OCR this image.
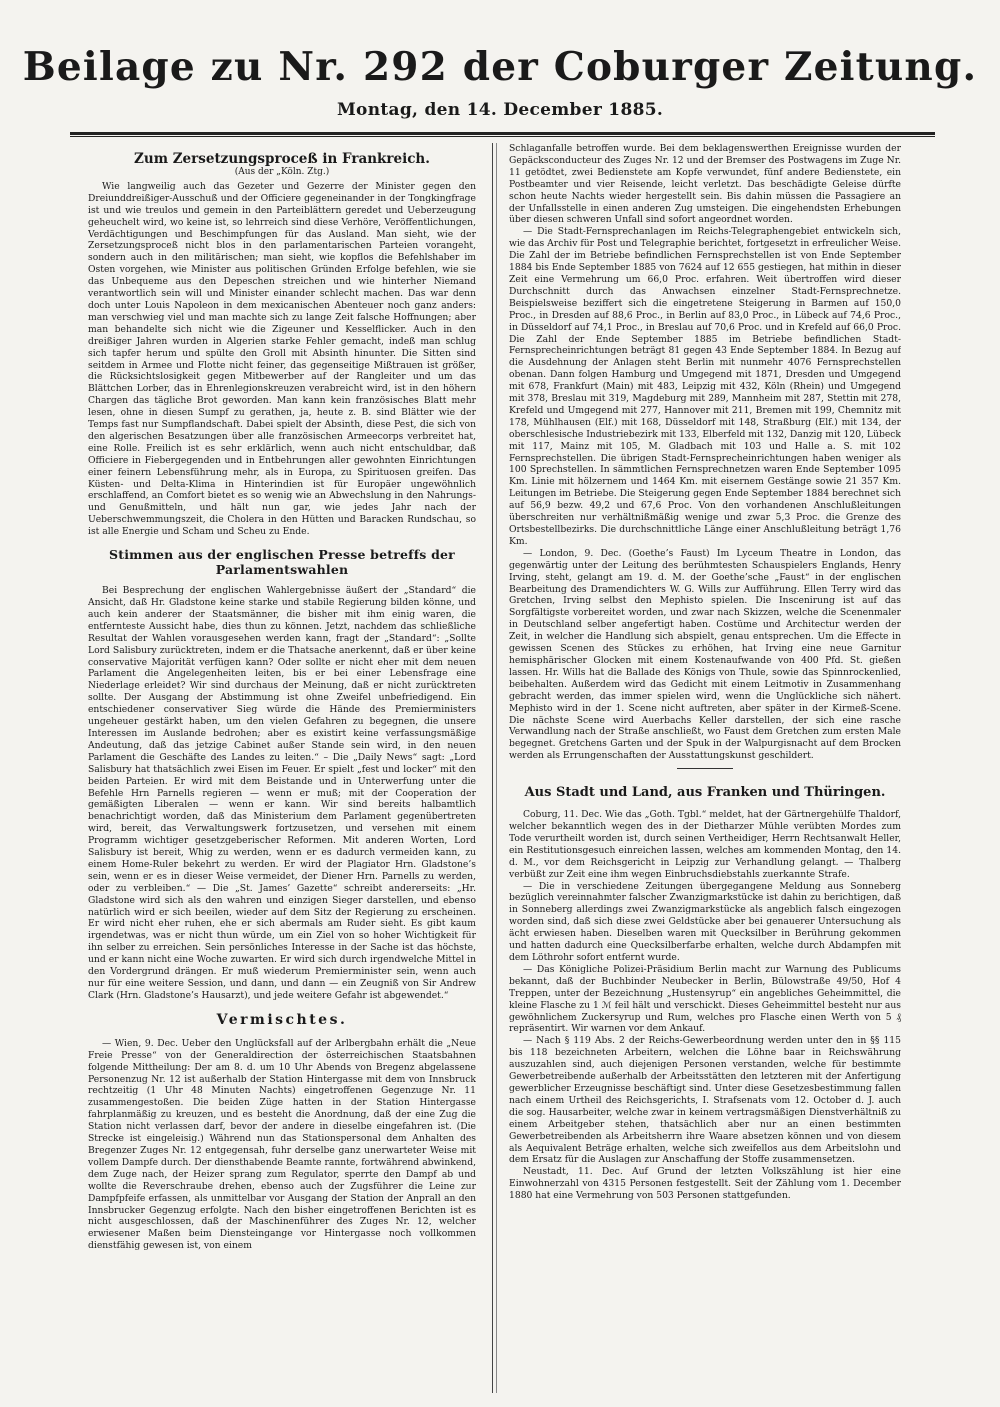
Beilage zu Nr. 292 der Coburger Zeitung.
Montag, den 14. December 1885.

Zum Zersetzungsproceß in Frankreich.

(Aus der „Köln. Ztg.)

Wie langweilig auch das Gezeter und Gezerre der Minister gegen den Dreiunddreißiger-Ausschuß und der Officiere gegeneinander in der Tongkingfrage ist und wie treulos und gemein in den Parteiblättern geredet und Ueberzeugung geheuchelt wird, wo keine ist, so lehrreich sind diese Verhöre, Veröffentlichungen, Verdächtigungen und Beschimpfungen für das Ausland. Man sieht, wie der Zersetzungsproceß nicht blos in den parlamentarischen Parteien vorangeht, sondern auch in den militärischen; man sieht, wie kopflos die Befehlshaber im Osten vorgehen, wie Minister aus politischen Gründen Erfolge befehlen, wie sie das Unbequeme aus den Depeschen streichen und wie hinterher Niemand verantwortlich sein will und Minister einander schlecht machen. Das war denn doch unter Louis Napoleon in dem mexicanischen Abenteuer noch ganz anders: man verschwieg viel und man machte sich zu lange Zeit falsche Hoffnungen; aber man behandelte sich nicht wie die Zigeuner und Kesselflicker. Auch in den dreißiger Jahren wurden in Algerien starke Fehler gemacht, indeß man schlug sich tapfer herum und spülte den Groll mit Absinth hinunter. Die Sitten sind seitdem in Armee und Flotte nicht feiner, das gegenseitige Mißtrauen ist größer, die Rücksichtslosigkeit gegen Mitbewerber auf der Rangleiter und um das Blättchen Lorber, das in Ehrenlegionskreuzen verabreicht wird, ist in den höhern Chargen das tägliche Brot geworden. Man kann kein französisches Blatt mehr lesen, ohne in diesen Sumpf zu gerathen, ja, heute z. B. sind Blätter wie der Temps fast nur Sumpflandschaft. Dabei spielt der Absinth, diese Pest, die sich von den algerischen Besatzungen über alle französischen Armeecorps verbreitet hat, eine Rolle. Freilich ist es sehr erklärlich, wenn auch nicht entschuldbar, daß Officiere in Fiebergegenden und in Entbehrungen aller gewohnten Einrichtungen einer feinern Lebensführung mehr, als in Europa, zu Spirituosen greifen. Das Küsten- und Delta-Klima in Hinterindien ist für Europäer ungewöhnlich erschlaffend, an Comfort bietet es so wenig wie an Abwechslung in den Nahrungs- und Genußmitteln, und hält nun gar, wie jedes Jahr nach der Ueberschwemmungszeit, die Cholera in den Hütten und Baracken Rundschau, so ist alle Energie und Scham und Scheu zu Ende.

Stimmen aus der englischen Presse betreffs der Parlamentswahlen

Bei Besprechung der englischen Wahlergebnisse äußert der „Standard“ die Ansicht, daß Hr. Gladstone keine starke und stabile Regierung bilden könne, und auch kein anderer der Staatsmänner, die bisher mit ihm einig waren, die entfernteste Aussicht habe, dies thun zu können. Jetzt, nachdem das schließliche Resultat der Wahlen vorausgesehen werden kann, fragt der „Standard“: „Sollte Lord Salisbury zurücktreten, indem er die Thatsache anerkennt, daß er über keine conservative Majorität verfügen kann? Oder sollte er nicht eher mit dem neuen Parlament die Angelegenheiten leiten, bis er bei einer Lebensfrage eine Niederlage erleidet? Wir sind durchaus der Meinung, daß er nicht zurücktreten sollte. Der Ausgang der Abstimmung ist ohne Zweifel unbefriedigend. Ein entschiedener conservativer Sieg würde die Hände des Premierministers ungeheuer gestärkt haben, um den vielen Gefahren zu begegnen, die unsere Interessen im Auslande bedrohen; aber es existirt keine verfassungsmäßige Andeutung, daß das jetzige Cabinet außer Stande sein wird, in den neuen Parlament die Geschäfte des Landes zu leiten.“ – Die „Daily News“ sagt: „Lord Salisbury hat thatsächlich zwei Eisen im Feuer. Er spielt „fest und locker“ mit den beiden Parteien. Er wird mit dem Beistande und in Unterwerfung unter die Befehle Hrn Parnells regieren — wenn er muß; mit der Cooperation der gemäßigten Liberalen — wenn er kann. Wir sind bereits halbamtlich benachrichtigt worden, daß das Ministerium dem Parlament gegenübertreten wird, bereit, das Verwaltungswerk fortzusetzen, und versehen mit einem Programm wichtiger gesetzgeberischer Reformen. Mit anderen Worten, Lord Salisbury ist bereit, Whig zu werden, wenn er es dadurch vermeiden kann, zu einem Home-Ruler bekehrt zu werden. Er wird der Plagiator Hrn. Gladstone’s sein, wenn er es in dieser Weise vermeidet, der Diener Hrn. Parnells zu werden, oder zu verbleiben.“ — Die „St. James’ Gazette“ schreibt andererseits: „Hr. Gladstone wird sich als den wahren und einzigen Sieger darstellen, und ebenso natürlich wird er sich beeilen, wieder auf dem Sitz der Regierung zu erscheinen. Er wird nicht eher ruhen, ehe er sich abermals am Ruder sieht. Es gibt kaum irgendetwas, was er nicht thun würde, um ein Ziel von so hoher Wichtigkeit für ihn selber zu erreichen. Sein persönliches Interesse in der Sache ist das höchste, und er kann nicht eine Woche zuwarten. Er wird sich durch irgendwelche Mittel in den Vordergrund drängen. Er muß wiederum Premierminister sein, wenn auch nur für eine weitere Session, und dann, und dann — ein Zeugniß von Sir Andrew Clark (Hrn. Gladstone’s Hausarzt), und jede weitere Gefahr ist abgewendet.“

Vermischtes.

— Wien, 9. Dec. Ueber den Unglücksfall auf der Arlbergbahn erhält die „Neue Freie Presse“ von der Generaldirection der österreichischen Staatsbahnen folgende Mittheilung: Der am 8. d. um 10 Uhr Abends von Bregenz abgelassene Personenzug Nr. 12 ist außerhalb der Station Hintergasse mit dem von Innsbruck rechtzeitig (1 Uhr 48 Minuten Nachts) eingetroffenen Gegenzuge Nr. 11 zusammengestoßen. Die beiden Züge hatten in der Station Hintergasse fahrplanmäßig zu kreuzen, und es besteht die Anordnung, daß der eine Zug die Station nicht verlassen darf, bevor der andere in dieselbe eingefahren ist. (Die Strecke ist eingeleisig.) Während nun das Stationspersonal dem Anhalten des Bregenzer Zuges Nr. 12 entgegensah, fuhr derselbe ganz unerwarteter Weise mit vollem Dampfe durch. Der diensthabende Beamte rannte, fortwährend abwinkend, dem Zuge nach, der Heizer sprang zum Regulator, sperrte den Dampf ab und wollte die Reverschraube drehen, ebenso auch der Zugsführer die Leine zur Dampfpfeife erfassen, als unmittelbar vor Ausgang der Station der Anprall an den Innsbrucker Gegenzug erfolgte. Nach den bisher eingetroffenen Berichten ist es nicht ausgeschlossen, daß der Maschinenführer des Zuges Nr. 12, welcher erwiesener Maßen beim Diensteingange vor Hintergasse noch vollkommen dienstfähig gewesen ist, von einem

Schlaganfalle betroffen wurde. Bei dem beklagenswerthen Ereignisse wurden der Gepäcksconducteur des Zuges Nr. 12 und der Bremser des Postwagens im Zuge Nr. 11 getödtet, zwei Bedienstete am Kopfe verwundet, fünf andere Bedienstete, ein Postbeamter und vier Reisende, leicht verletzt. Das beschädigte Geleise dürfte schon heute Nachts wieder hergestellt sein. Bis dahin müssen die Passagiere an der Unfallsstelle in einen anderen Zug umsteigen. Die eingehendsten Erhebungen über diesen schweren Unfall sind sofort angeordnet worden.

— Die Stadt-Fernsprechanlagen im Reichs-Telegraphengebiet entwickeln sich, wie das Archiv für Post und Telegraphie berichtet, fortgesetzt in erfreulicher Weise. Die Zahl der im Betriebe befindlichen Fernsprechstellen ist von Ende September 1884 bis Ende September 1885 von 7624 auf 12 655 gestiegen, hat mithin in dieser Zeit eine Vermehrung um 66,0 Proc. erfahren. Weit übertroffen wird dieser Durchschnitt durch das Anwachsen einzelner Stadt-Fernsprechnetze. Beispielsweise beziffert sich die eingetretene Steigerung in Barmen auf 150,0 Proc., in Dresden auf 88,6 Proc., in Berlin auf 83,0 Proc., in Lübeck auf 74,6 Proc., in Düsseldorf auf 74,1 Proc., in Breslau auf 70,6 Proc. und in Krefeld auf 66,0 Proc. Die Zahl der Ende September 1885 im Betriebe befindlichen Stadt-Fernsprecheinrichtungen beträgt 81 gegen 43 Ende September 1884. In Bezug auf die Ausdehnung der Anlagen steht Berlin mit nunmehr 4076 Fernsprechstellen obenan. Dann folgen Hamburg und Umgegend mit 1871, Dresden und Umgegend mit 678, Frankfurt (Main) mit 483, Leipzig mit 432, Köln (Rhein) und Umgegend mit 378, Breslau mit 319, Magdeburg mit 289, Mannheim mit 287, Stettin mit 278, Krefeld und Umgegend mit 277, Hannover mit 211, Bremen mit 199, Chemnitz mit 178, Mühlhausen (Elf.) mit 168, Düsseldorf mit 148, Straßburg (Elf.) mit 134, der oberschlesische Industriebezirk mit 133, Elberfeld mit 132, Danzig mit 120, Lübeck mit 117, Mainz mit 105, M. Gladbach mit 103 und Halle a. S. mit 102 Fernsprechstellen. Die übrigen Stadt-Fernsprecheinrichtungen haben weniger als 100 Sprechstellen. In sämmtlichen Fernsprechnetzen waren Ende September 1095 Km. Linie mit hölzernem und 1464 Km. mit eisernem Gestänge sowie 21 357 Km. Leitungen im Betriebe. Die Steigerung gegen Ende September 1884 berechnet sich auf 56,9 bezw. 49,2 und 67,6 Proc. Von den vorhandenen Anschlußleitungen überschreiten nur verhältnißmäßig wenige und zwar 5,3 Proc. die Grenze des Ortsbestellbezirks. Die durchschnittliche Länge einer Anschlußleitung beträgt 1,76 Km.

— London, 9. Dec. (Goethe’s Faust) Im Lyceum Theatre in London, das gegenwärtig unter der Leitung des berühmtesten Schauspielers Englands, Henry Irving, steht, gelangt am 19. d. M. der Goethe’sche „Faust“ in der englischen Bearbeitung des Dramendichters W. G. Wills zur Aufführung. Ellen Terry wird das Gretchen, Irving selbst den Mephisto spielen. Die Inscenirung ist auf das Sorgfältigste vorbereitet worden, und zwar nach Skizzen, welche die Scenenmaler in Deutschland selber angefertigt haben. Costüme und Architectur werden der Zeit, in welcher die Handlung sich abspielt, genau entsprechen. Um die Effecte in gewissen Scenen des Stückes zu erhöhen, hat Irving eine neue Garnitur hemisphärischer Glocken mit einem Kostenaufwande von 400 Pfd. St. gießen lassen. Hr. Wills hat die Ballade des Königs von Thule, sowie das Spinnrockenlied, beibehalten. Außerdem wird das Gedicht mit einem Leitmotiv in Zusammenhang gebracht werden, das immer spielen wird, wenn die Unglückliche sich nähert. Mephisto wird in der 1. Scene nicht auftreten, aber später in der Kirmeß-Scene. Die nächste Scene wird Auerbachs Keller darstellen, der sich eine rasche Verwandlung nach der Straße anschließt, wo Faust dem Gretchen zum ersten Male begegnet. Gretchens Garten und der Spuk in der Walpurgisnacht auf dem Brocken werden als Errungenschaften der Ausstattungskunst geschildert.

Aus Stadt und Land, aus Franken und Thüringen.

Coburg, 11. Dec. Wie das „Goth. Tgbl.“ meldet, hat der Gärtnergehülfe Thaldorf, welcher bekanntlich wegen des in der Dietharzer Mühle verübten Mordes zum Tode verurtheilt worden ist, durch seinen Vertheidiger, Herrn Rechtsanwalt Heller, ein Restitutionsgesuch einreichen lassen, welches am kommenden Montag, den 14. d. M., vor dem Reichsgericht in Leipzig zur Verhandlung gelangt. — Thalberg verbüßt zur Zeit eine ihm wegen Einbruchsdiebstahls zuerkannte Strafe.

— Die in verschiedene Zeitungen übergegangene Meldung aus Sonneberg bezüglich vereinnahmter falscher Zwanzigmarkstücke ist dahin zu berichtigen, daß in Sonneberg allerdings zwei Zwanzigmarkstücke als angeblich falsch eingezogen worden sind, daß sich diese zwei Geldstücke aber bei genauerer Untersuchung als ächt erwiesen haben. Dieselben waren mit Quecksilber in Berührung gekommen und hatten dadurch eine Quecksilberfarbe erhalten, welche durch Abdampfen mit dem Löthrohr sofort entfernt wurde.

— Das Königliche Polizei-Präsidium Berlin macht zur Warnung des Publicums bekannt, daß der Buchbinder Neubecker in Berlin, Bülowstraße 49/50, Hof 4 Treppen, unter der Bezeichnung „Hustensyrup“ ein angebliches Geheimmittel, die kleine Flasche zu 1 ℳ feil hält und verschickt. Dieses Geheimmittel besteht nur aus gewöhnlichem Zuckersyrup und Rum, welches pro Flasche einen Werth von 5 ₰ repräsentirt. Wir warnen vor dem Ankauf.

— Nach § 119 Abs. 2 der Reichs-Gewerbeordnung werden unter den in §§ 115 bis 118 bezeichneten Arbeitern, welchen die Löhne baar in Reichswährung auszuzahlen sind, auch diejenigen Personen verstanden, welche für bestimmte Gewerbetreibende außerhalb der Arbeitsstätten den letzteren mit der Anfertigung gewerblicher Erzeugnisse beschäftigt sind. Unter diese Gesetzesbestimmung fallen nach einem Urtheil des Reichsgerichts, I. Strafsenats vom 12. October d. J. auch die sog. Hausarbeiter, welche zwar in keinem vertragsmäßigen Dienstverhältniß zu einem Arbeitgeber stehen, thatsächlich aber nur an einen bestimmten Gewerbetreibenden als Arbeitsherrn ihre Waare absetzen können und von diesem als Aequivalent Beträge erhalten, welche sich zweifellos aus dem Arbeitslohn und dem Ersatz für die Auslagen zur Anschaffung der Stoffe zusammensetzen.

Neustadt, 11. Dec. Auf Grund der letzten Volkszählung ist hier eine Einwohnerzahl von 4315 Personen festgestellt. Seit der Zählung vom 1. December 1880 hat eine Vermehrung von 503 Personen stattgefunden.
